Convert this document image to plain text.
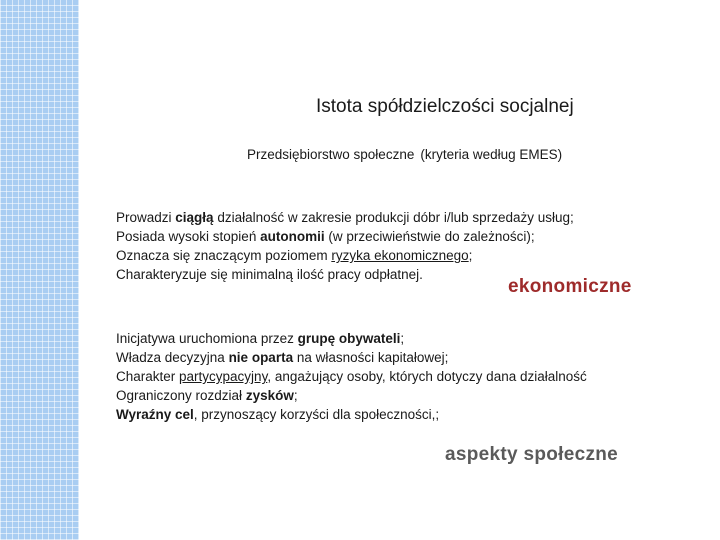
Istota spółdzielczości socjalnej
Przedsiębiorstwo społeczne (kryteria według EMES)
Prowadzi ciągłą działalność w zakresie produkcji dóbr i/lub sprzedaży usług;
Posiada wysoki stopień autonomii (w przeciwieństwie do zależności);
Oznacza się znaczącym poziomem ryzyka ekonomicznego;
Charakteryzuje się minimalną ilość pracy odpłatnej.
ekonomiczne
Inicjatywa uruchomiona przez grupę obywateli;
Władza decyzyjna nie oparta na własności kapitałowej;
Charakter partycypacyjny, angażujący osoby, których dotyczy dana działalność
Ograniczony rozdział zysków;
Wyraźny cel, przynoszący korzyści dla społeczności,;
aspekty społeczne
